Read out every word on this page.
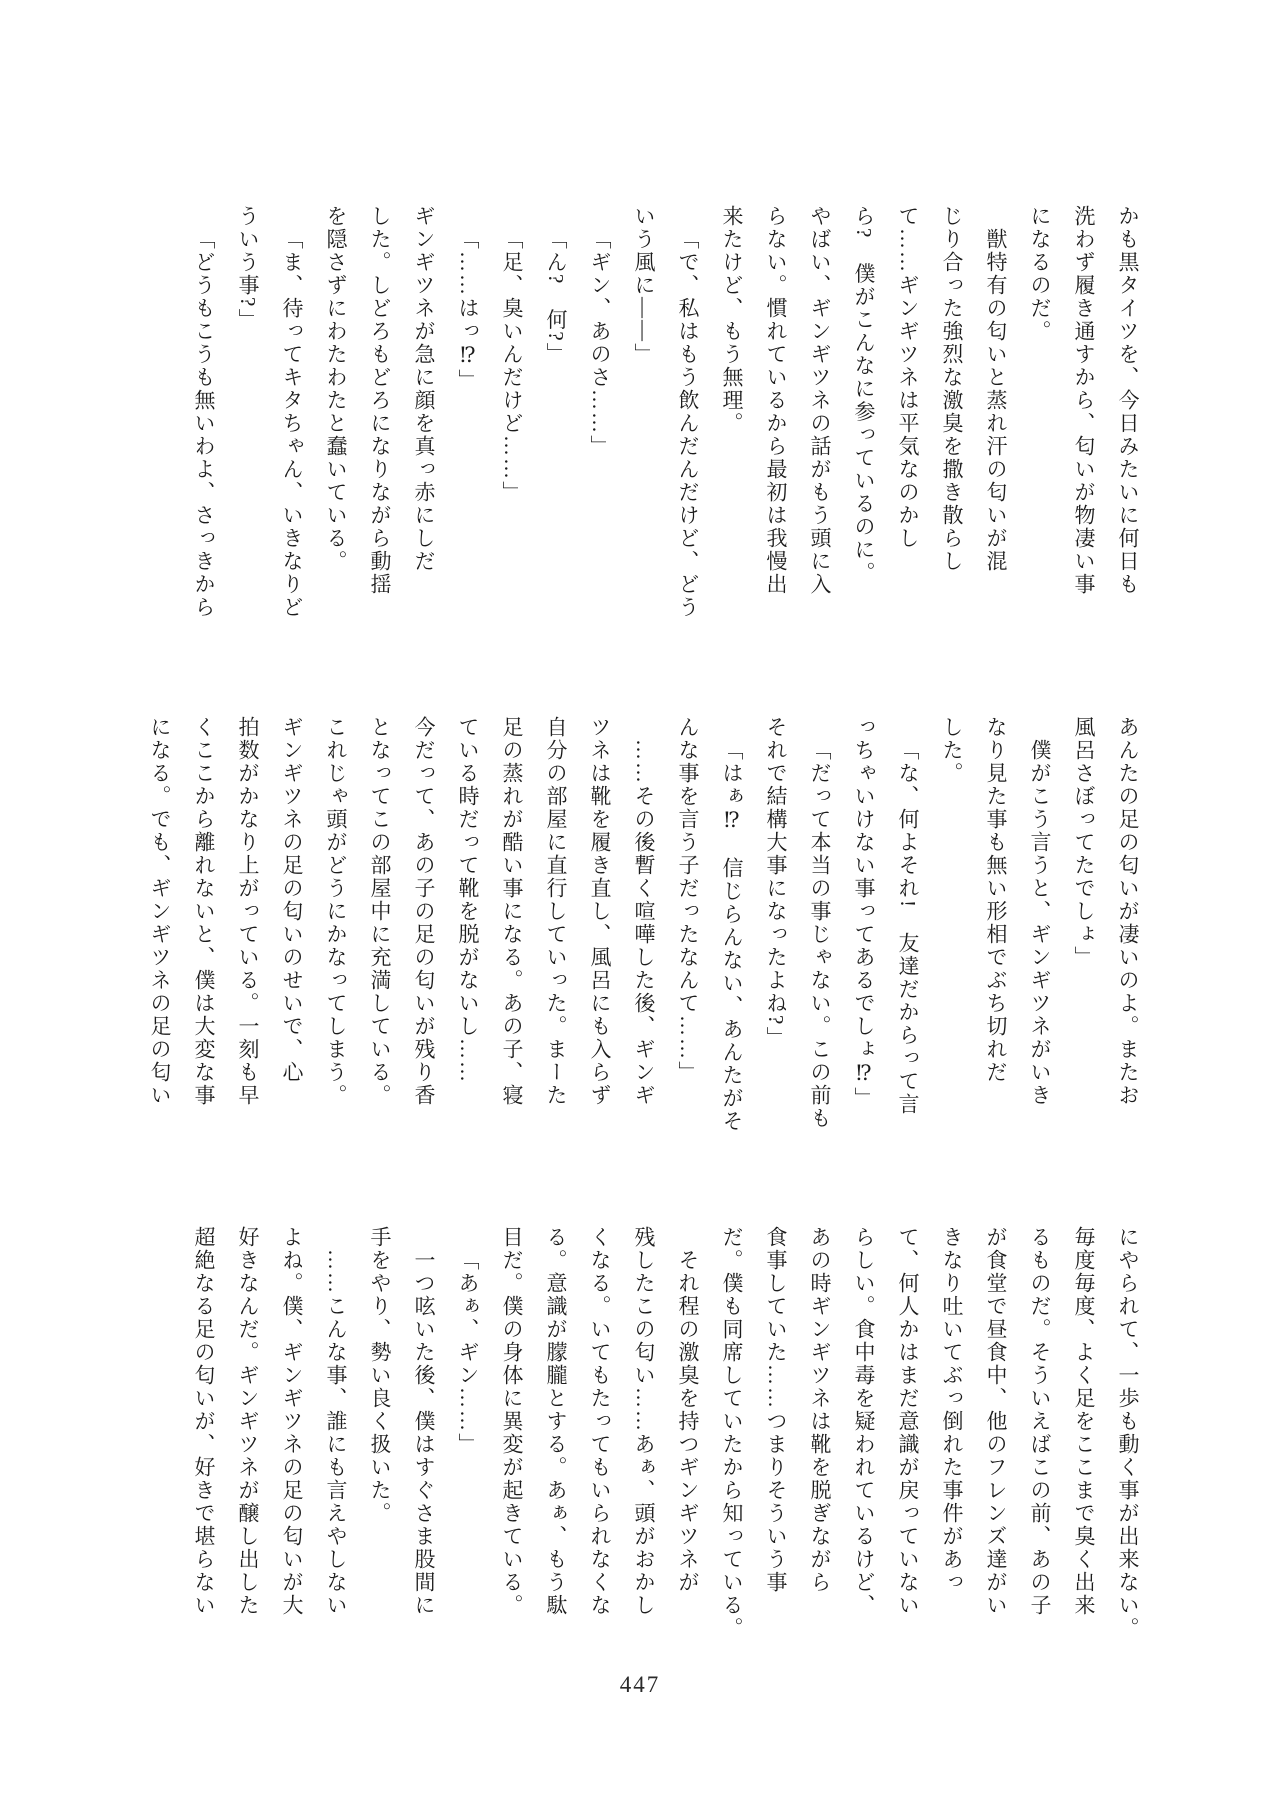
かも黒タイツを、今日みたいに何日も

洗わず履き通すから、匂いが物凄い事

になるのだ。

獣特有の匂いと蒸れ汗の匂いが混

じり合った強烈な激臭を撒き散らし

て……ギンギツネは平気なのかし

ら?　僕がこんなに参っているのに。

やばい、ギンギツネの話がもう頭に入

らない。慣れているから最初は我慢出

来たけど、もう無理。

「で、私はもう飲んだんだけど、どう

いう風に——」

「ギン、あのさ……」

「ん?　何?」

「足、臭いんだけど……」

「……はっ⁉」

ギンギツネが急に顔を真っ赤にしだ

した。しどろもどろになりながら動揺

を隠さずにわたわたと蠢いている。

「ま、待ってキタちゃん、いきなりど

ういう事?」

「どうもこうも無いわよ、さっきから

あんたの足の匂いが凄いのよ。またお

風呂さぼってたでしょ」

僕がこう言うと、ギンギツネがいき

なり見た事も無い形相でぶち切れだ

した。

「な、何よそれ!　友達だからって言

っちゃいけない事ってあるでしょ⁉」

「だって本当の事じゃない。この前も

それで結構大事になったよね?」

「はぁ⁉　信じらんない、あんたがそ

んな事を言う子だったなんて……」

……その後暫く喧嘩した後、ギンギ

ツネは靴を履き直し、風呂にも入らず

自分の部屋に直行していった。まーた

足の蒸れが酷い事になる。あの子、寝

ている時だって靴を脱がないし……

今だって、あの子の足の匂いが残り香

となってこの部屋中に充満している。

これじゃ頭がどうにかなってしまう。

ギンギツネの足の匂いのせいで、心

拍数がかなり上がっている。一刻も早

くここから離れないと、僕は大変な事

になる。でも、ギンギツネの足の匂い

にやられて、一歩も動く事が出来ない。

毎度毎度、よく足をここまで臭く出来

るものだ。そういえばこの前、あの子

が食堂で昼食中、他のフレンズ達がい

きなり吐いてぶっ倒れた事件があっ

て、何人かはまだ意識が戻っていない

らしい。食中毒を疑われているけど、

あの時ギンギツネは靴を脱ぎながら

食事していた……つまりそういう事

だ。僕も同席していたから知っている。

それ程の激臭を持つギンギツネが

残したこの匂い……あぁ、頭がおかし

くなる。いてもたってもいられなくな

る。意識が朦朧とする。あぁ、もう駄

目だ。僕の身体に異変が起きている。

「あぁ、ギン……」

一つ呟いた後、僕はすぐさま股間に

手をやり、勢い良く扱いた。

……こんな事、誰にも言えやしない

よね。僕、ギンギツネの足の匂いが大

好きなんだ。ギンギツネが醸し出した

超絶なる足の匂いが、好きで堪らない

447
